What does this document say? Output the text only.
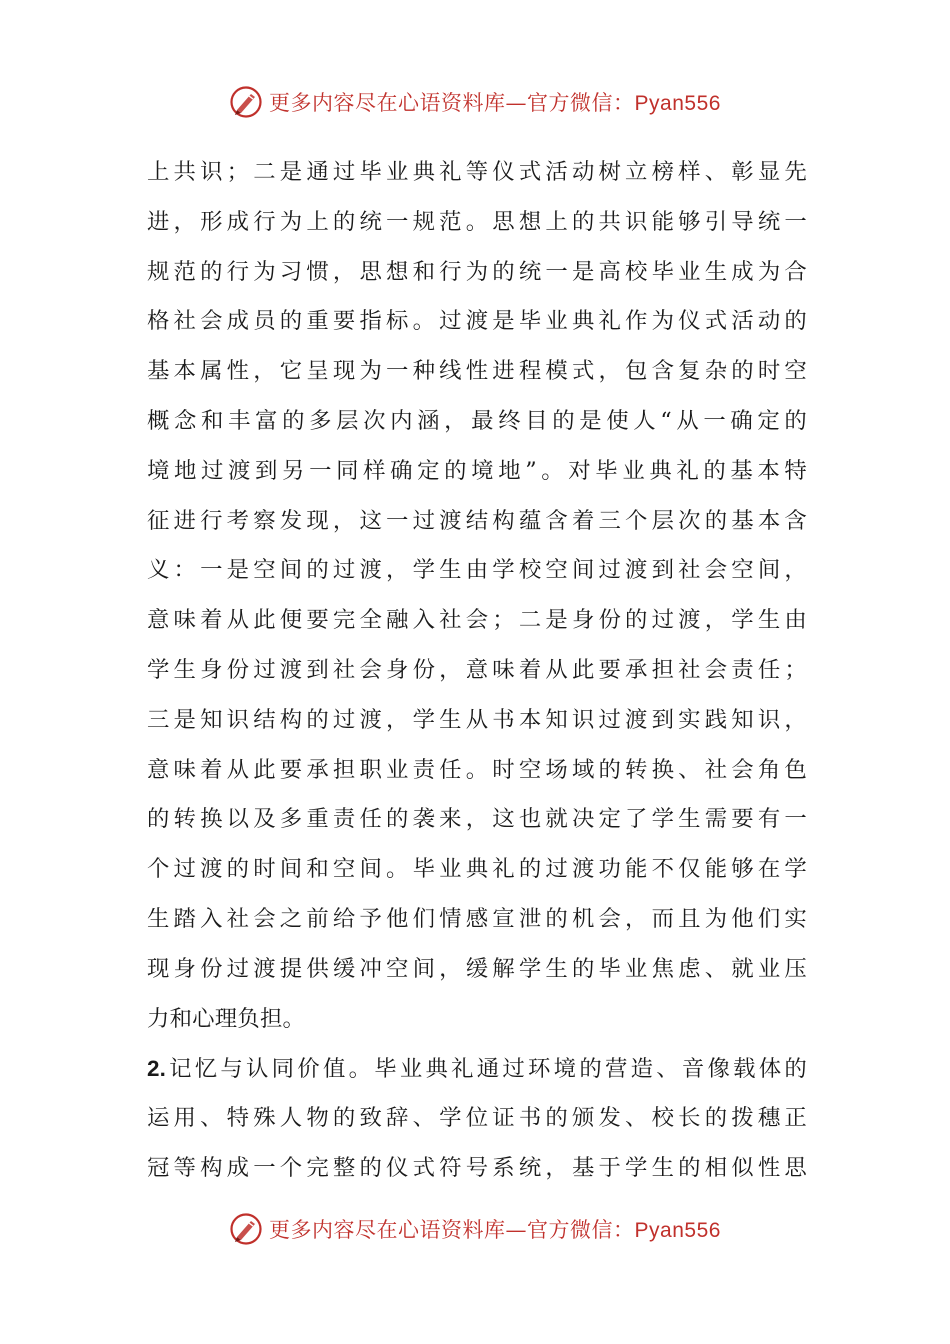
更多内容尽在心语资料库—官方微信：Pyan556
上共识；二是通过毕业典礼等仪式活动树立榜样、彰显先
进，形成行为上的统一规范。思想上的共识能够引导统一
规范的行为习惯，思想和行为的统一是高校毕业生成为合
格社会成员的重要指标。过渡是毕业典礼作为仪式活动的
基本属性，它呈现为一种线性进程模式，包含复杂的时空
概念和丰富的多层次内涵，最终目的是使人“从一确定的
境地过渡到另一同样确定的境地”。对毕业典礼的基本特
征进行考察发现，这一过渡结构蕴含着三个层次的基本含
义：一是空间的过渡，学生由学校空间过渡到社会空间，
意味着从此便要完全融入社会；二是身份的过渡，学生由
学生身份过渡到社会身份，意味着从此要承担社会责任；
三是知识结构的过渡，学生从书本知识过渡到实践知识，
意味着从此要承担职业责任。时空场域的转换、社会角色
的转换以及多重责任的袭来，这也就决定了学生需要有一
个过渡的时间和空间。毕业典礼的过渡功能不仅能够在学
生踏入社会之前给予他们情感宣泄的机会，而且为他们实
现身份过渡提供缓冲空间，缓解学生的毕业焦虑、就业压
力和心理负担。
2.记忆与认同价值。毕业典礼通过环境的营造、音像载体的
运用、特殊人物的致辞、学位证书的颁发、校长的拨穗正
冠等构成一个完整的仪式符号系统，基于学生的相似性思
更多内容尽在心语资料库—官方微信：Pyan556
